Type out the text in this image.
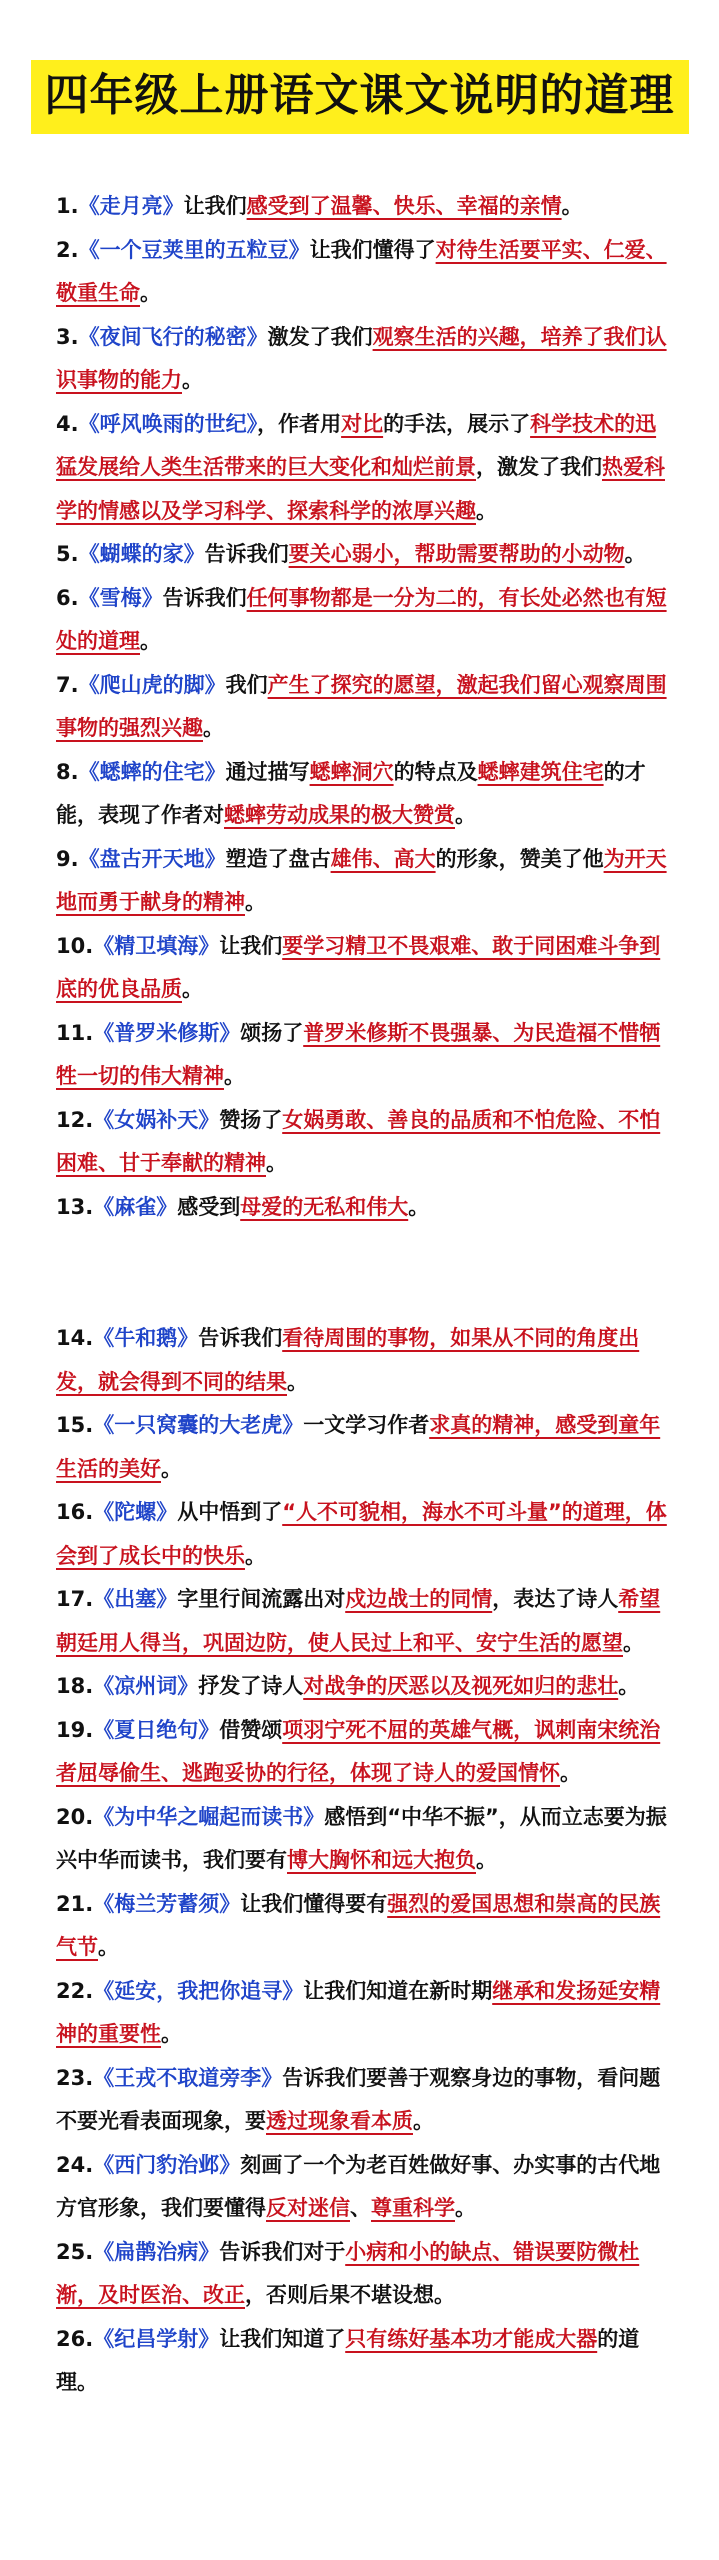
四年级上册语文课文说明的道理

1.《走月亮》让我们感受到了温馨、快乐、幸福的亲情。

2.《一个豆荚里的五粒豆》让我们懂得了对待生活要平实、仁爱、敬重生命。

3.《夜间飞行的秘密》激发了我们观察生活的兴趣，培养了我们认识事物的能力。

4.《呼风唤雨的世纪》，作者用对比的手法，展示了科学技术的迅猛发展给人类生活带来的巨大变化和灿烂前景，激发了我们热爱科学的情感以及学习科学、探索科学的浓厚兴趣。

5.《蝴蝶的家》告诉我们要关心弱小，帮助需要帮助的小动物。

6.《雪梅》告诉我们任何事物都是一分为二的，有长处必然也有短处的道理。

7.《爬山虎的脚》我们产生了探究的愿望，激起我们留心观察周围事物的强烈兴趣。

8.《蟋蟀的住宅》通过描写蟋蟀洞穴的特点及蟋蟀建筑住宅的才能，表现了作者对蟋蟀劳动成果的极大赞赏。

9.《盘古开天地》塑造了盘古雄伟、高大的形象，赞美了他为开天地而勇于献身的精神。

10.《精卫填海》让我们要学习精卫不畏艰难、敢于同困难斗争到底的优良品质。

11.《普罗米修斯》颂扬了普罗米修斯不畏强暴、为民造福不惜牺牲一切的伟大精神。

12.《女娲补天》赞扬了女娲勇敢、善良的品质和不怕危险、不怕困难、甘于奉献的精神。

13.《麻雀》感受到母爱的无私和伟大。

14.《牛和鹅》告诉我们看待周围的事物，如果从不同的角度出发，就会得到不同的结果。

15.《一只窝囊的大老虎》一文学习作者求真的精神，感受到童年生活的美好。

16.《陀螺》从中悟到了“人不可貌相，海水不可斗量”的道理，体会到了成长中的快乐。

17.《出塞》字里行间流露出对戍边战士的同情，表达了诗人希望朝廷用人得当，巩固边防，使人民过上和平、安宁生活的愿望。

18.《凉州词》抒发了诗人对战争的厌恶以及视死如归的悲壮。

19.《夏日绝句》借赞颂项羽宁死不屈的英雄气概，讽刺南宋统治者屈辱偷生、逃跑妥协的行径，体现了诗人的爱国情怀。

20.《为中华之崛起而读书》感悟到“中华不振”，从而立志要为振兴中华而读书，我们要有博大胸怀和远大抱负。

21.《梅兰芳蓄须》让我们懂得要有强烈的爱国思想和崇高的民族气节。

22.《延安，我把你追寻》让我们知道在新时期继承和发扬延安精神的重要性。

23.《王戎不取道旁李》告诉我们要善于观察身边的事物，看问题不要光看表面现象，要透过现象看本质。

24.《西门豹治邺》刻画了一个为老百姓做好事、办实事的古代地方官形象，我们要懂得反对迷信、尊重科学。

25.《扁鹊治病》告诉我们对于小病和小的缺点、错误要防微杜渐，及时医治、改正，否则后果不堪设想。

26.《纪昌学射》让我们知道了只有练好基本功才能成大器的道理。
